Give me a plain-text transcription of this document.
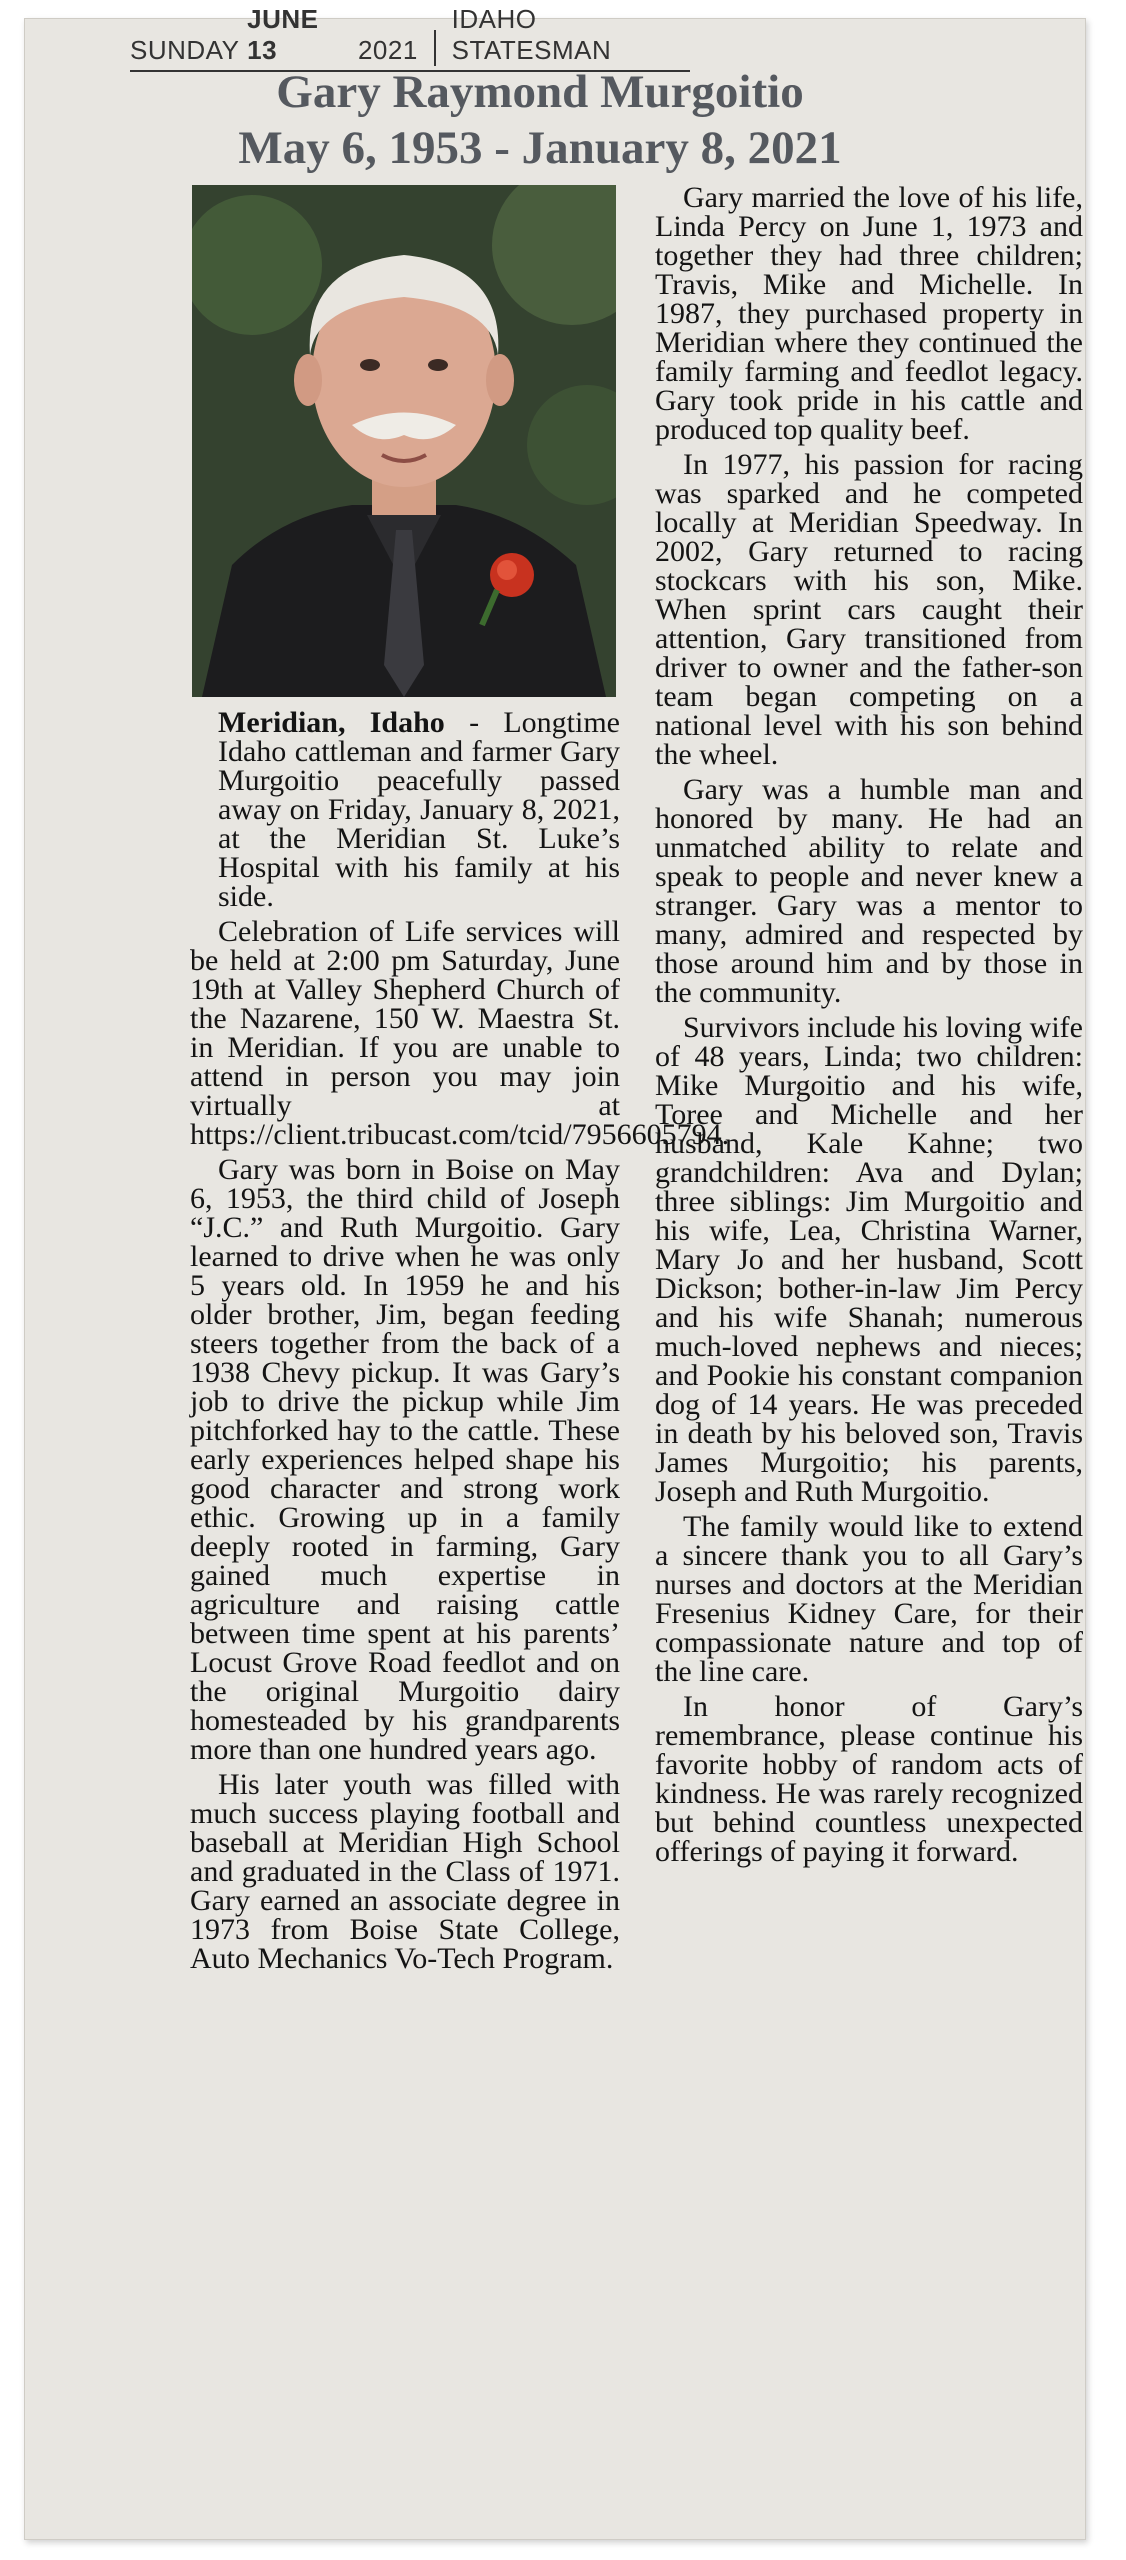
SUNDAY

JUNE 13
	2021
IDAHO STATESMAN
Gary Raymond Murgoitio
May 6, 1953 - January 8, 2021

Meridian, Idaho - Longtime Idaho cattleman and farmer Gary Murgoitio peacefully passed away on Friday, January 8, 2021, at the Meridian St. Luke’s Hospital with his family at his side.

Celebration of Life services will be held at 2:00 pm Saturday, June 19th at Valley Shepherd Church of the Nazarene, 150 W. Maestra St. in Meridian. If you are unable to attend in person you may join virtually at https://client.tribucast.com/tcid/7956605794.

Gary was born in Boise on May 6, 1953, the third child of Joseph “J.C.” and Ruth Murgoitio. Gary learned to drive when he was only 5 years old. In 1959 he and his older brother, Jim, began feeding steers together from the back of a 1938 Chevy pickup. It was Gary’s job to drive the pickup while Jim pitchforked hay to the cattle. These early experiences helped shape his good character and strong work ethic. Growing up in a family deeply rooted in farming, Gary gained much expertise in agriculture and raising cattle between time spent at his parents’ Locust Grove Road feedlot and on the original Murgoitio dairy homesteaded by his grandparents more than one hundred years ago.

His later youth was filled with much success playing football and baseball at Meridian High School and graduated in the Class of 1971. Gary earned an associate degree in 1973 from Boise State College, Auto Mechanics Vo-Tech Program.

Gary married the love of his life, Linda Percy on June 1, 1973 and together they had three children; Travis, Mike and Michelle. In 1987, they purchased property in Meridian where they continued the family farming and feedlot legacy. Gary took pride in his cattle and produced top quality beef.

In 1977, his passion for racing was sparked and he competed locally at Meridian Speedway. In 2002, Gary returned to racing stockcars with his son, Mike. When sprint cars caught their attention, Gary transitioned from driver to owner and the father-son team began competing on a national level with his son behind the wheel.

Gary was a humble man and honored by many. He had an unmatched ability to relate and speak to people and never knew a stranger. Gary was a mentor to many, admired and respected by those around him and by those in the community.

Survivors include his loving wife of 48 years, Linda; two children: Mike Murgoitio and his wife, Toree and Michelle and her husband, Kale Kahne; two grandchildren: Ava and Dylan; three siblings: Jim Murgoitio and his wife, Lea, Christina Warner, Mary Jo and her husband, Scott Dickson; bother-in-law Jim Percy and his wife Shanah; numerous much-loved nephews and nieces; and Pookie his constant companion dog of 14 years. He was preceded in death by his beloved son, Travis James Murgoitio; his parents, Joseph and Ruth Murgoitio.

The family would like to extend a sincere thank you to all Gary’s nurses and doctors at the Meridian Fresenius Kidney Care, for their compassionate nature and top of the line care.

In honor of Gary’s remembrance, please continue his favorite hobby of random acts of kindness. He was rarely recognized but behind countless unexpected offerings of paying it forward.
